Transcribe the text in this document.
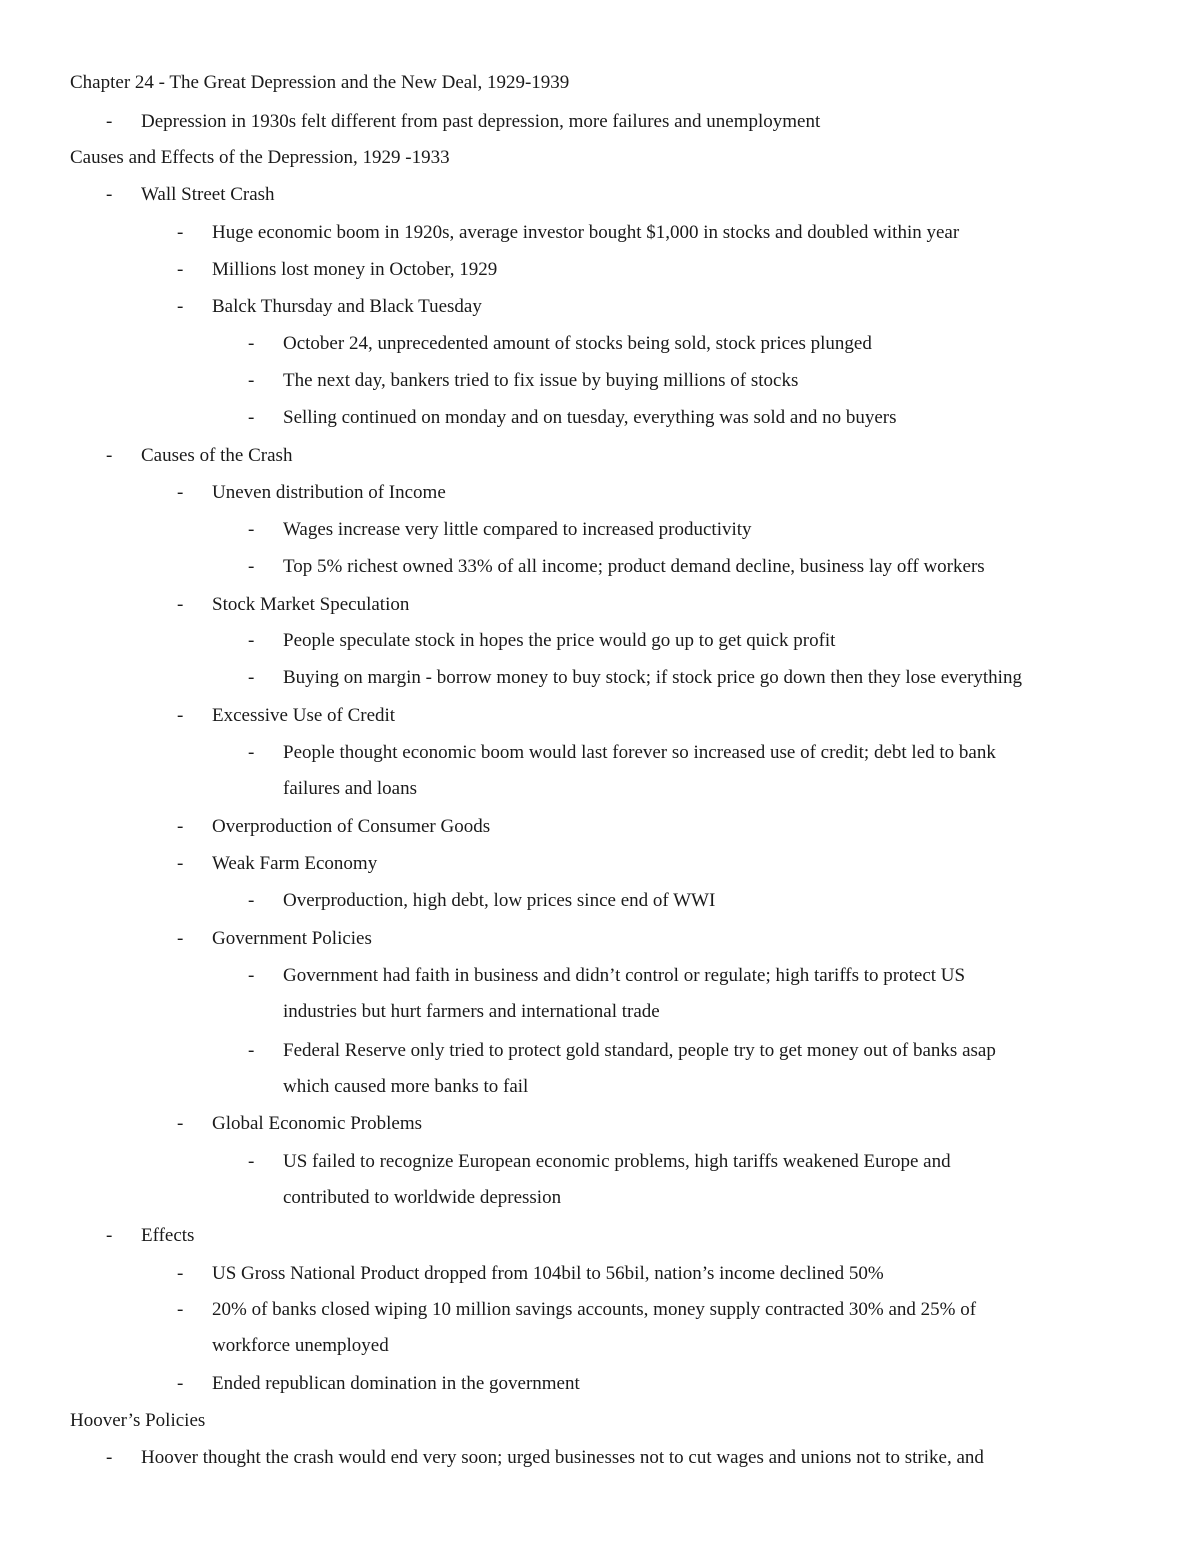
Chapter 24 - The Great Depression and the New Deal, 1929-1939
- Depression in 1930s felt different from past depression, more failures and unemployment
Causes and Effects of the Depression, 1929 -1933
- Wall Street Crash
- Huge economic boom in 1920s, average investor bought $1,000 in stocks and doubled within year
- Millions lost money in October, 1929
- Balck Thursday and Black Tuesday
- October 24, unprecedented amount of stocks being sold, stock prices plunged
- The next day, bankers tried to fix issue by buying millions of stocks
- Selling continued on monday and on tuesday, everything was sold and no buyers
- Causes of the Crash
- Uneven distribution of Income
- Wages increase very little compared to increased productivity
- Top 5% richest owned 33% of all income; product demand decline, business lay off workers
- Stock Market Speculation
- People speculate stock in hopes the price would go up to get quick profit
- Buying on margin - borrow money to buy stock; if stock price go down then they lose everything
- Excessive Use of Credit
- People thought economic boom would last forever so increased use of credit; debt led to bank
failures and loans
- Overproduction of Consumer Goods
- Weak Farm Economy
- Overproduction, high debt, low prices since end of WWI
- Government Policies
- Government had faith in business and didn’t control or regulate; high tariffs to protect US
industries but hurt farmers and international trade
- Federal Reserve only tried to protect gold standard, people try to get money out of banks asap
which caused more banks to fail
- Global Economic Problems
- US failed to recognize European economic problems, high tariffs weakened Europe and
contributed to worldwide depression
- Effects
- US Gross National Product dropped from 104bil to 56bil, nation’s income declined 50%
- 20% of banks closed wiping 10 million savings accounts, money supply contracted 30% and 25% of
workforce unemployed
- Ended republican domination in the government
Hoover’s Policies
- Hoover thought the crash would end very soon; urged businesses not to cut wages and unions not to strike, and
